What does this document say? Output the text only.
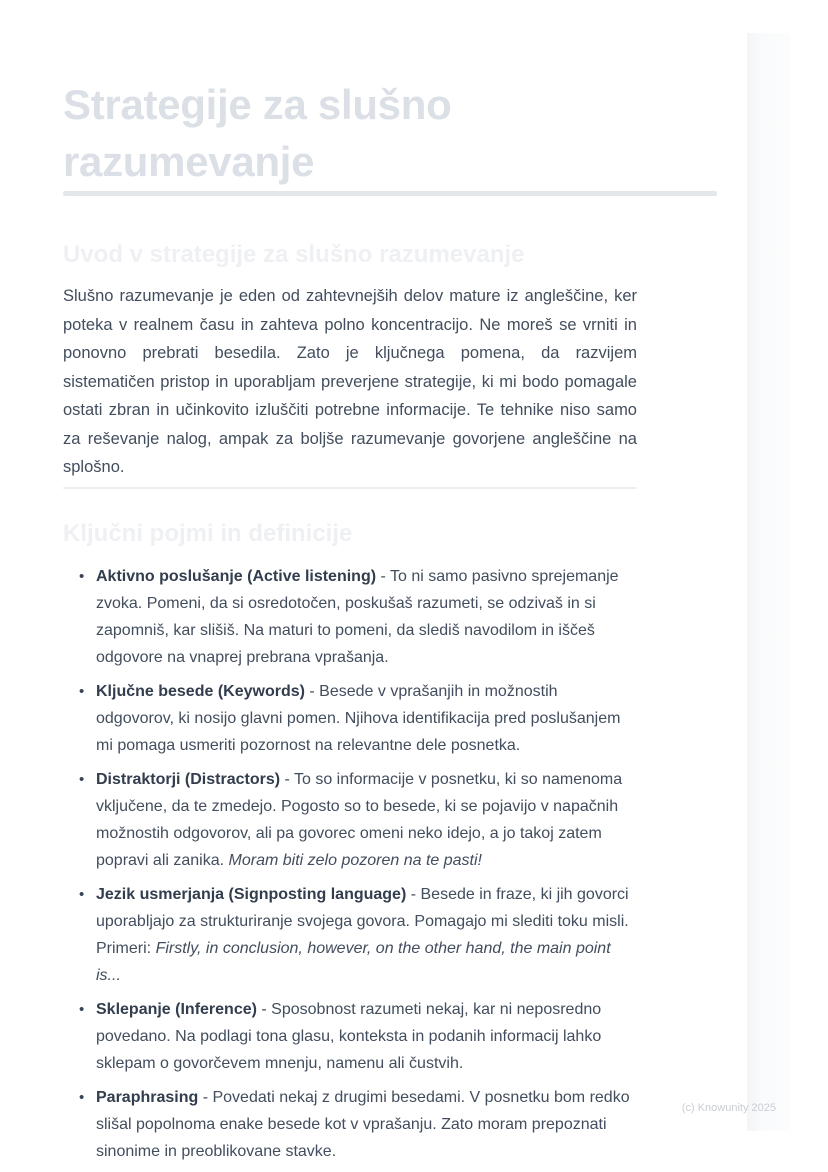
Strategije za slušno razumevanje
Uvod v strategije za slušno razumevanje

Slušno razumevanje je eden od zahtevnejših delov mature iz angleščine, ker poteka v realnem času in zahteva polno koncentracijo. Ne moreš se vrniti in ponovno prebrati besedila. Zato je ključnega pomena, da razvijem sistematičen pristop in uporabljam preverjene strategije, ki mi bodo pomagale ostati zbran in učinkovito izluščiti potrebne informacije. Te tehnike niso samo za reševanje nalog, ampak za boljše razumevanje govorjene angleščine na splošno.

Ključni pojmi in definicije
• Aktivno poslušanje (Active listening) - To ni samo pasivno sprejemanje zvoka. Pomeni, da si osredotočen, poskušaš razumeti, se odzivaš in si zapomniš, kar slišiš. Na maturi to pomeni, da slediš navodilom in iščeš odgovore na vnaprej prebrana vprašanja.
• Ključne besede (Keywords) - Besede v vprašanjih in možnostih odgovorov, ki nosijo glavni pomen. Njihova identifikacija pred poslušanjem mi pomaga usmeriti pozornost na relevantne dele posnetka.
• Distraktorji (Distractors) - To so informacije v posnetku, ki so namenoma vključene, da te zmedejo. Pogosto so to besede, ki se pojavijo v napačnih možnostih odgovorov, ali pa govorec omeni neko idejo, a jo takoj zatem popravi ali zanika. Moram biti zelo pozoren na te pasti!
• Jezik usmerjanja (Signposting language) - Besede in fraze, ki jih govorci uporabljajo za strukturiranje svojega govora. Pomagajo mi slediti toku misli. Primeri: Firstly, in conclusion, however, on the other hand, the main point is...
• Sklepanje (Inference) - Sposobnost razumeti nekaj, kar ni neposredno povedano. Na podlagi tona glasu, konteksta in podanih informacij lahko sklepam o govorčevem mnenju, namenu ali čustvih.
• Paraphrasing - Povedati nekaj z drugimi besedami. V posnetku bom redko slišal popolnoma enake besede kot v vprašanju. Zato moram prepoznati sinonime in preoblikovane stavke.
(c) Knowunity 2025
